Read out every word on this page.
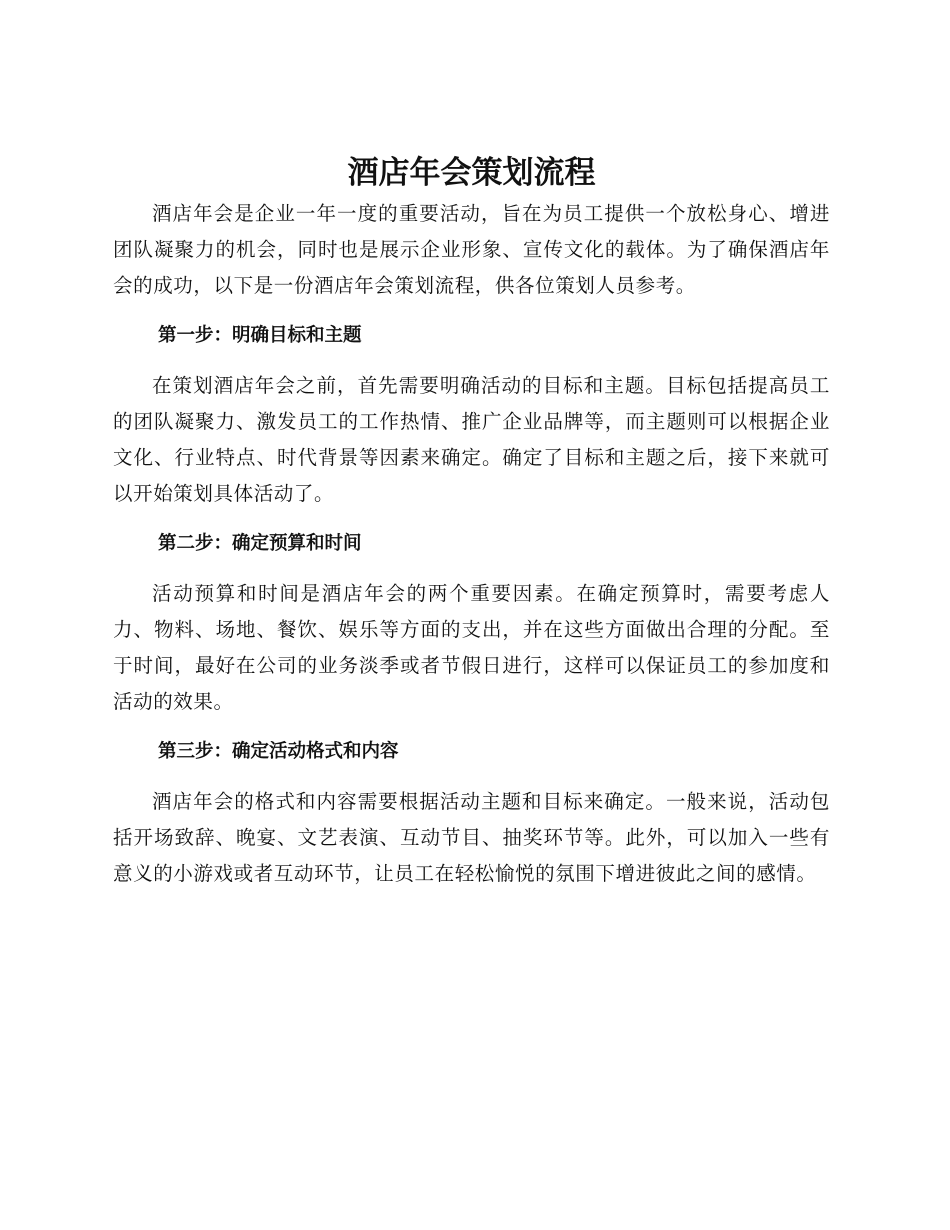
酒店年会策划流程

酒店年会是企业一年一度的重要活动，旨在为员工提供一个放松身心、增进团队凝聚力的机会，同时也是展示企业形象、宣传文化的载体。为了确保酒店年会的成功，以下是一份酒店年会策划流程，供各位策划人员参考。

第一步：明确目标和主题

在策划酒店年会之前，首先需要明确活动的目标和主题。目标包括提高员工的团队凝聚力、激发员工的工作热情、推广企业品牌等，而主题则可以根据企业文化、行业特点、时代背景等因素来确定。确定了目标和主题之后，接下来就可以开始策划具体活动了。

第二步：确定预算和时间

活动预算和时间是酒店年会的两个重要因素。在确定预算时，需要考虑人力、物料、场地、餐饮、娱乐等方面的支出，并在这些方面做出合理的分配。至于时间，最好在公司的业务淡季或者节假日进行，这样可以保证员工的参加度和活动的效果。

第三步：确定活动格式和内容

酒店年会的格式和内容需要根据活动主题和目标来确定。一般来说，活动包括开场致辞、晚宴、文艺表演、互动节目、抽奖环节等。此外，可以加入一些有意义的小游戏或者互动环节，让员工在轻松愉悦的氛围下增进彼此之间的感情。
